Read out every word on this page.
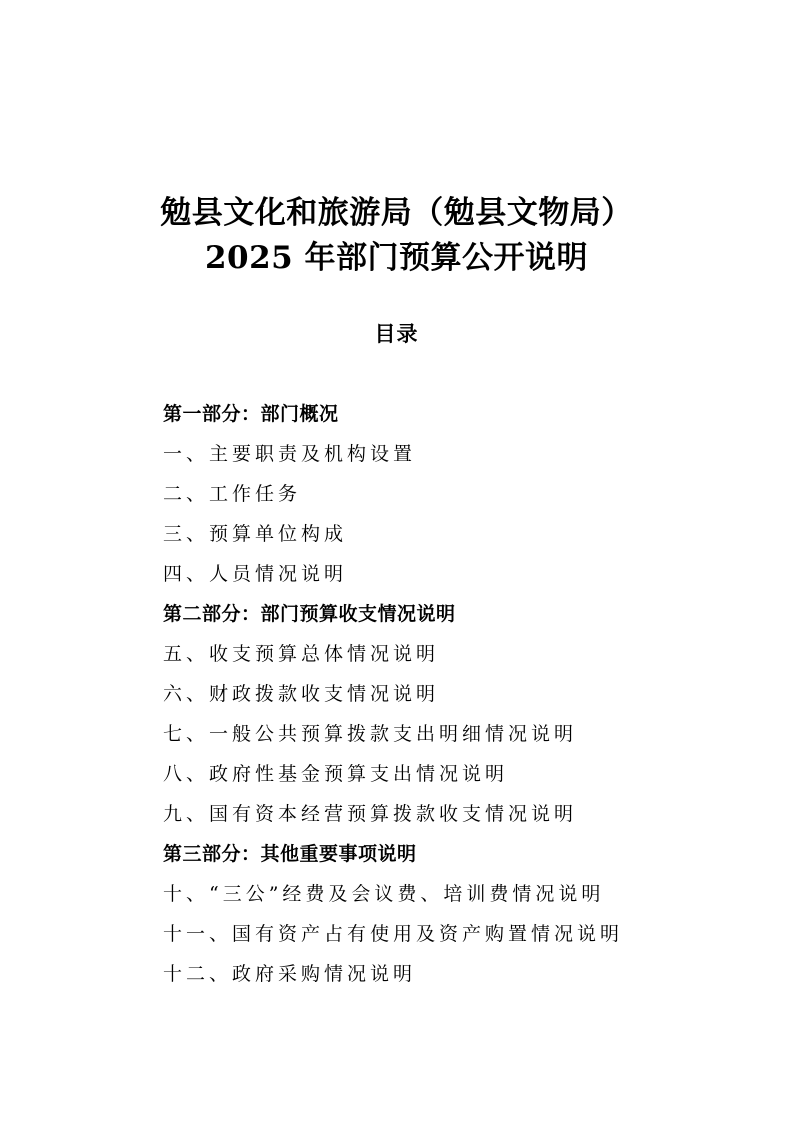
勉县文化和旅游局（勉县文物局）
2025 年部门预算公开说明
目录
第一部分：部门概况
一、主要职责及机构设置
二、工作任务
三、预算单位构成
四、人员情况说明
第二部分：部门预算收支情况说明
五、收支预算总体情况说明
六、财政拨款收支情况说明
七、一般公共预算拨款支出明细情况说明
八、政府性基金预算支出情况说明
九、国有资本经营预算拨款收支情况说明
第三部分：其他重要事项说明
十、“三公”经费及会议费、培训费情况说明
十一、国有资产占有使用及资产购置情况说明
十二、政府采购情况说明
